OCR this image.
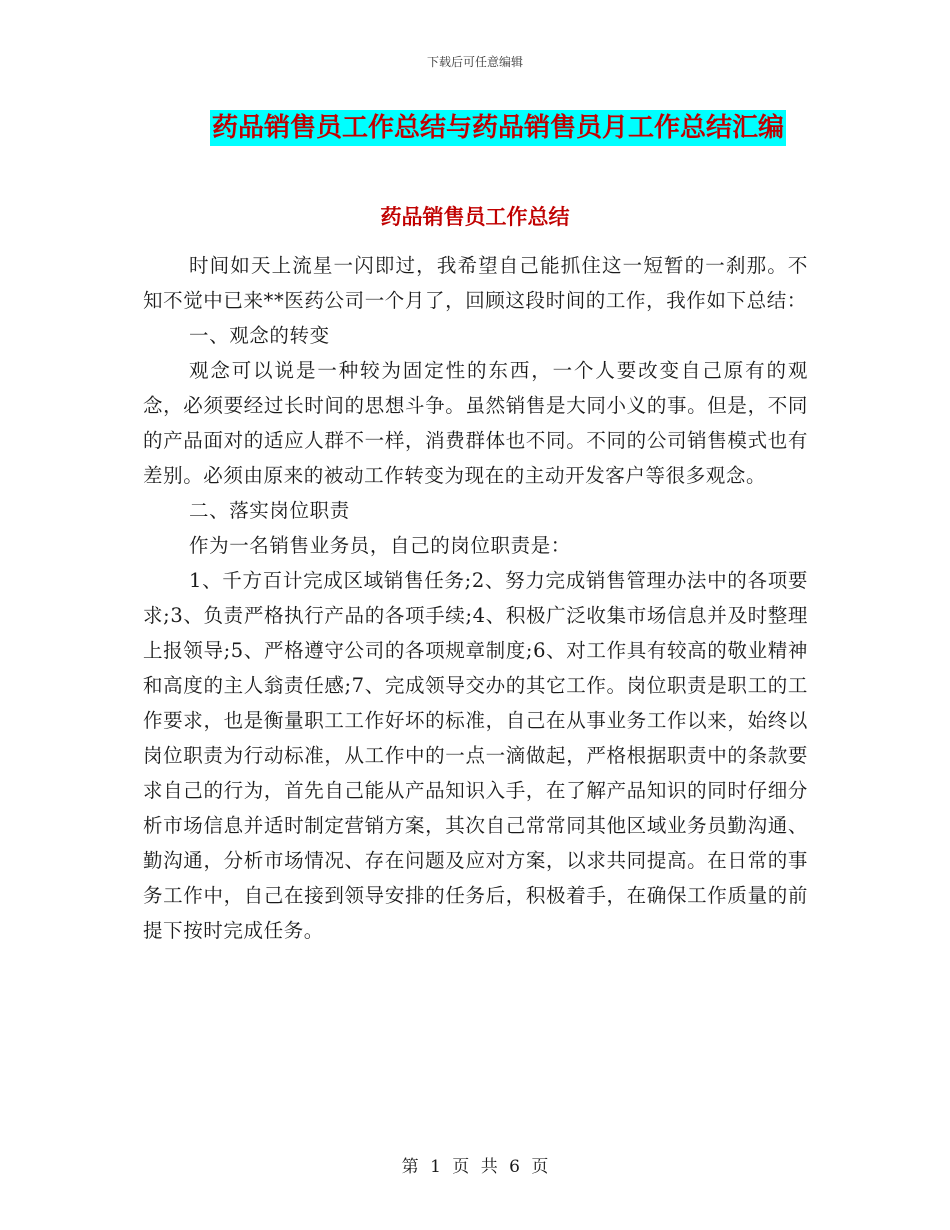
下载后可任意编辑
药品销售员工作总结与药品销售员月工作总结汇编
药品销售员工作总结

时间如天上流星一闪即过，我希望自己能抓住这一短暂的一刹那。不知不觉中已来**医药公司一个月了，回顾这段时间的工作，我作如下总结：

一、观念的转变

观念可以说是一种较为固定性的东西，一个人要改变自己原有的观念，必须要经过长时间的思想斗争。虽然销售是大同小义的事。但是，不同的产品面对的适应人群不一样，消费群体也不同。不同的公司销售模式也有差别。必须由原来的被动工作转变为现在的主动开发客户等很多观念。

二、落实岗位职责

作为一名销售业务员，自己的岗位职责是：

1、千方百计完成区域销售任务;2、努力完成销售管理办法中的各项要求;3、负责严格执行产品的各项手续;4、积极广泛收集市场信息并及时整理上报领导;5、严格遵守公司的各项规章制度;6、对工作具有较高的敬业精神和高度的主人翁责任感;7、完成领导交办的其它工作。岗位职责是职工的工作要求，也是衡量职工工作好坏的标准，自己在从事业务工作以来，始终以岗位职责为行动标准，从工作中的一点一滴做起，严格根据职责中的条款要求自己的行为，首先自己能从产品知识入手，在了解产品知识的同时仔细分析市场信息并适时制定营销方案，其次自己常常同其他区域业务员勤沟通、勤沟通，分析市场情况、存在问题及应对方案，以求共同提高。在日常的事务工作中，自己在接到领导安排的任务后，积极着手，在确保工作质量的前提下按时完成任务。

第 1 页 共 6 页
